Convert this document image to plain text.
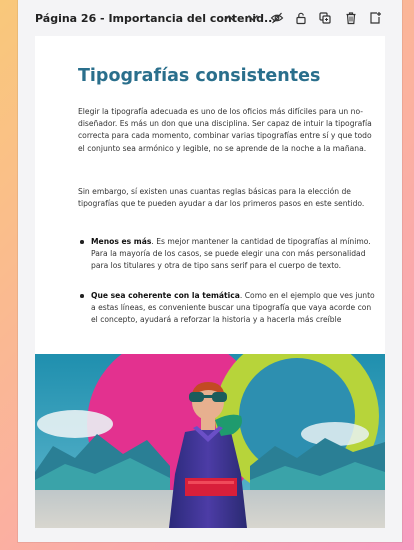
Página 26 - Importancia del contenid...
Tipografías consistentes
Elegir la tipografía adecuada es uno de los oficios más difíciles para un no-diseñador. Es más un don que una disciplina. Ser capaz de intuir la tipografía correcta para cada momento, combinar varias tipografías entre sí y que todo el conjunto sea armónico y legible, no se aprende de la noche a la mañana.
Sin embargo, sí existen unas cuantas reglas básicas para la elección de tipografías que te pueden ayudar a dar los primeros pasos en este sentido.
Menos es más. Es mejor mantener la cantidad de tipografías al mínimo. Para la mayoría de los casos, se puede elegir una con más personalidad para los titulares y otra de tipo sans serif para el cuerpo de texto.
Que sea coherente con la temática. Como en el ejemplo que ves junto a estas líneas, es conveniente buscar una tipografía que vaya acorde con el concepto, ayudará a reforzar la historia y a hacerla más creíble
